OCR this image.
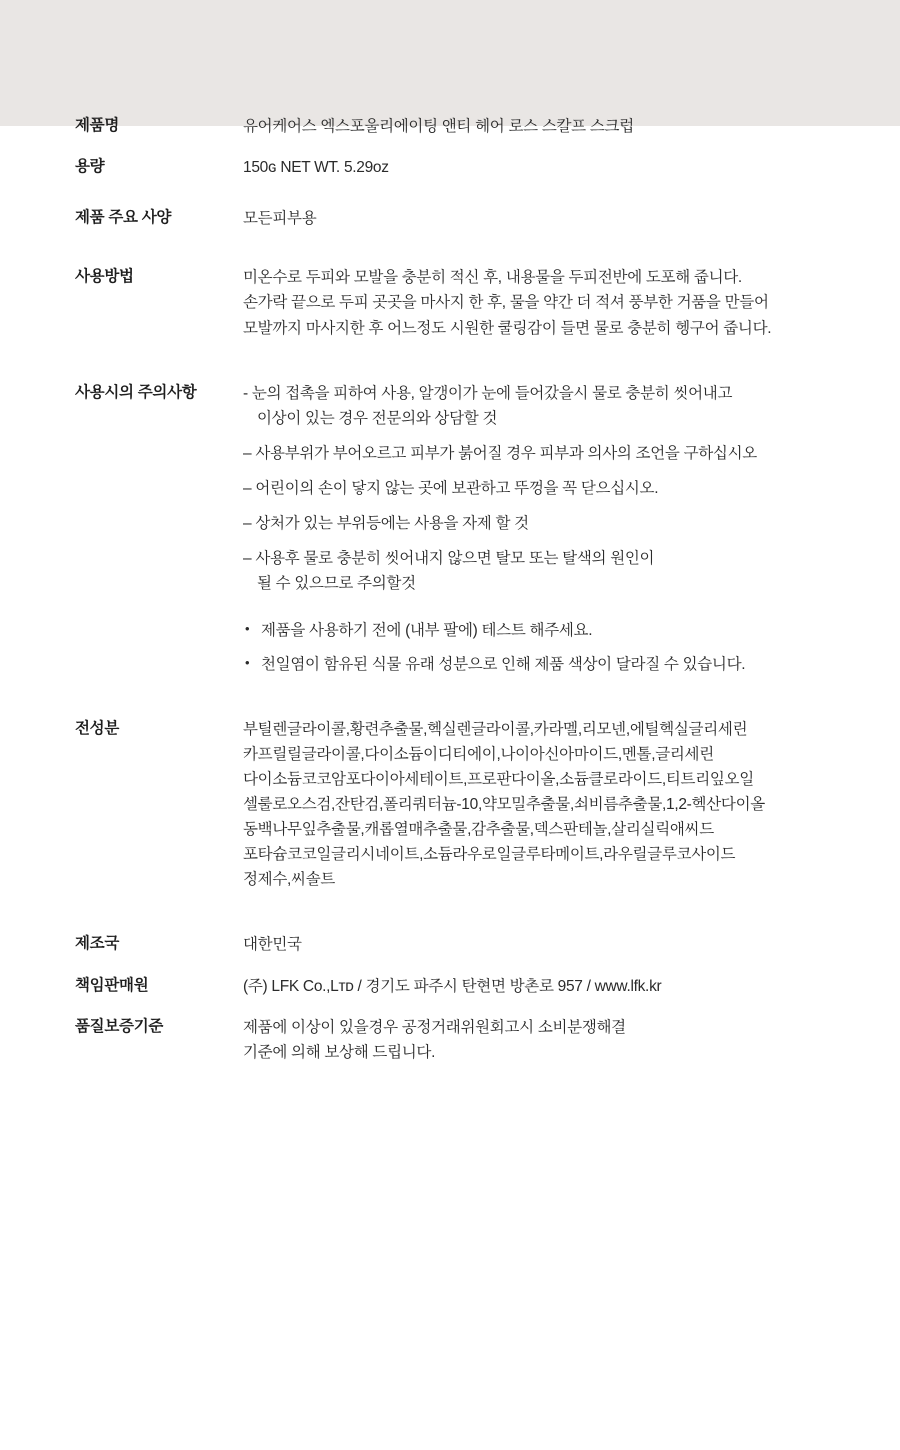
제품명	유어케어스 엑스포울리에이팅 앤티 헤어 로스 스칼프 스크럽
용량	150ɢ NET WT. 5.29oz
제품 주요 사양	모든피부용
사용방법	미온수로 두피와 모발을 충분히 적신 후, 내용물을 두피전반에 도포해 줍니다.
손가락 끝으로 두피 곳곳을 마사지 한 후, 물을 약간 더 적셔 풍부한 거품을 만들어
모발까지 마사지한 후 어느정도 시원한 쿨링감이 들면 물로 충분히 헹구어 줍니다.
사용시의 주의사항	- 눈의 접촉을 피하여 사용, 알갱이가 눈에 들어갔을시 물로 충분히 씻어내고
이상이 있는 경우 전문의와 상담할 것
– 사용부위가 부어오르고 피부가 붉어질 경우 피부과 의사의 조언을 구하십시오
– 어린이의 손이 닿지 않는 곳에 보관하고 뚜껑을 꼭 닫으십시오.
– 상처가 있는 부위등에는 사용을 자제 할 것
– 사용후 물로 충분히 씻어내지 않으면 탈모 또는 탈색의 원인이
될 수 있으므로 주의할것
• 제품을 사용하기 전에 (내부 팔에) 테스트 해주세요.
• 천일염이 함유된 식물 유래 성분으로 인해 제품 색상이 달라질 수 있습니다.
전성분	부틸렌글라이콜,황련추출물,헥실렌글라이콜,카라멜,리모넨,에틸헥실글리세린
카프릴릴글라이콜,다이소듐이디티에이,나이아신아마이드,멘톨,글리세린
다이소듐코코암포다이아세테이트,프로판다이올,소듐클로라이드,티트리잎오일
셀룰로오스검,잔탄검,폴리쿼터늄-10,약모밀추출물,쇠비름추출물,1,2-헥산다이올
동백나무잎추출물,캐롭열매추출물,감추출물,덱스판테놀,살리실릭애씨드
포타슘코코일글리시네이트,소듐라우로일글루타메이트,라우릴글루코사이드
정제수,씨솔트
제조국	대한민국
책임판매원	(주) LFK Co.,Lᴛᴅ / 경기도 파주시 탄현면 방촌로 957 / www.lfk.kr
품질보증기준	제품에 이상이 있을경우 공정거래위원회고시 소비분쟁해결
기준에 의해 보상해 드립니다.
